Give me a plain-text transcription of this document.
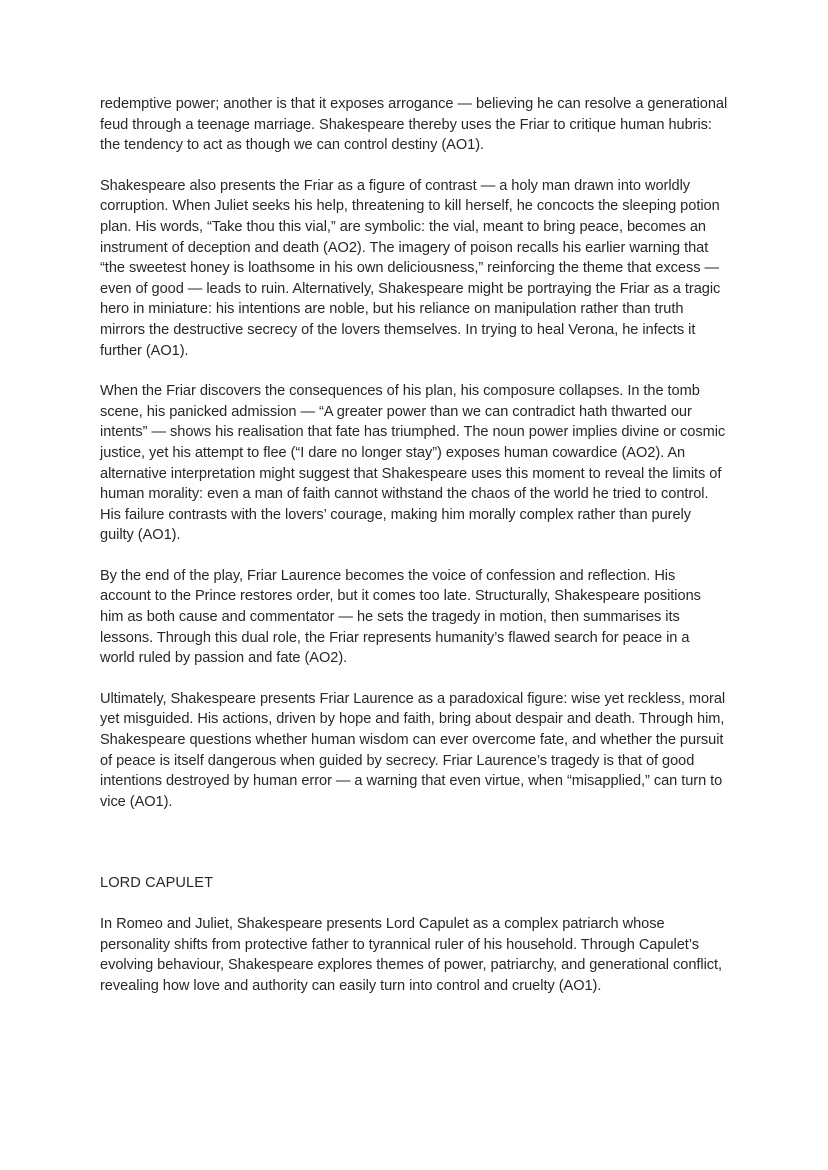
redemptive power; another is that it exposes arrogance — believing he can resolve a generational feud through a teenage marriage. Shakespeare thereby uses the Friar to critique human hubris: the tendency to act as though we can control destiny (AO1).

Shakespeare also presents the Friar as a figure of contrast — a holy man drawn into worldly corruption. When Juliet seeks his help, threatening to kill herself, he concocts the sleeping potion plan. His words, “Take thou this vial,” are symbolic: the vial, meant to bring peace, becomes an instrument of deception and death (AO2). The imagery of poison recalls his earlier warning that “the sweetest honey is loathsome in his own deliciousness,” reinforcing the theme that excess — even of good — leads to ruin. Alternatively, Shakespeare might be portraying the Friar as a tragic hero in miniature: his intentions are noble, but his reliance on manipulation rather than truth mirrors the destructive secrecy of the lovers themselves. In trying to heal Verona, he infects it further (AO1).

When the Friar discovers the consequences of his plan, his composure collapses. In the tomb scene, his panicked admission — “A greater power than we can contradict hath thwarted our intents” — shows his realisation that fate has triumphed. The noun power implies divine or cosmic justice, yet his attempt to flee (“I dare no longer stay”) exposes human cowardice (AO2). An alternative interpretation might suggest that Shakespeare uses this moment to reveal the limits of human morality: even a man of faith cannot withstand the chaos of the world he tried to control. His failure contrasts with the lovers’ courage, making him morally complex rather than purely guilty (AO1).

By the end of the play, Friar Laurence becomes the voice of confession and reflection. His account to the Prince restores order, but it comes too late. Structurally, Shakespeare positions him as both cause and commentator — he sets the tragedy in motion, then summarises its lessons. Through this dual role, the Friar represents humanity’s flawed search for peace in a world ruled by passion and fate (AO2).

Ultimately, Shakespeare presents Friar Laurence as a paradoxical figure: wise yet reckless, moral yet misguided. His actions, driven by hope and faith, bring about despair and death. Through him, Shakespeare questions whether human wisdom can ever overcome fate, and whether the pursuit of peace is itself dangerous when guided by secrecy. Friar Laurence’s tragedy is that of good intentions destroyed by human error — a warning that even virtue, when “misapplied,” can turn to vice (AO1).

LORD CAPULET

In Romeo and Juliet, Shakespeare presents Lord Capulet as a complex patriarch whose personality shifts from protective father to tyrannical ruler of his household. Through Capulet’s evolving behaviour, Shakespeare explores themes of power, patriarchy, and generational conflict, revealing how love and authority can easily turn into control and cruelty (AO1).
